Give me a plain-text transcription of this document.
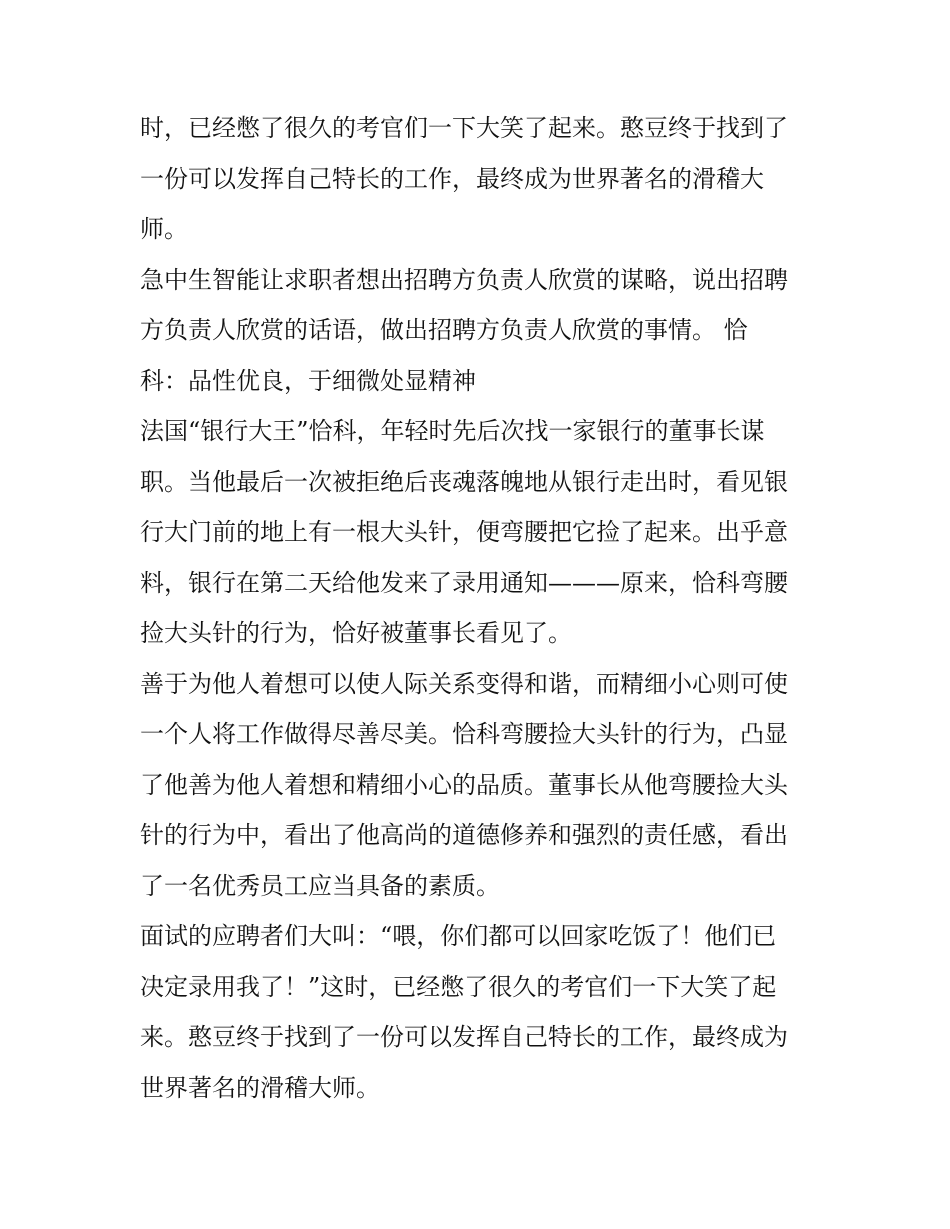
时，已经憋了很久的考官们一下大笑了起来。憨豆终于找到了
一份可以发挥自己特长的工作，最终成为世界著名的滑稽大
师。
急中生智能让求职者想出招聘方负责人欣赏的谋略，说出招聘
方负责人欣赏的话语，做出招聘方负责人欣赏的事情。 恰
科：品性优良，于细微处显精神
法国“银行大王”恰科，年轻时先后次找一家银行的董事长谋
职。当他最后一次被拒绝后丧魂落魄地从银行走出时，看见银
行大门前的地上有一根大头针，便弯腰把它捡了起来。出乎意
料，银行在第二天给他发来了录用通知———原来，恰科弯腰
捡大头针的行为，恰好被董事长看见了。
善于为他人着想可以使人际关系变得和谐，而精细小心则可使
一个人将工作做得尽善尽美。恰科弯腰捡大头针的行为，凸显
了他善为他人着想和精细小心的品质。董事长从他弯腰捡大头
针的行为中，看出了他高尚的道德修养和强烈的责任感，看出
了一名优秀员工应当具备的素质。
面试的应聘者们大叫：“喂，你们都可以回家吃饭了！他们已
决定录用我了！”这时，已经憋了很久的考官们一下大笑了起
来。憨豆终于找到了一份可以发挥自己特长的工作，最终成为
世界著名的滑稽大师。
